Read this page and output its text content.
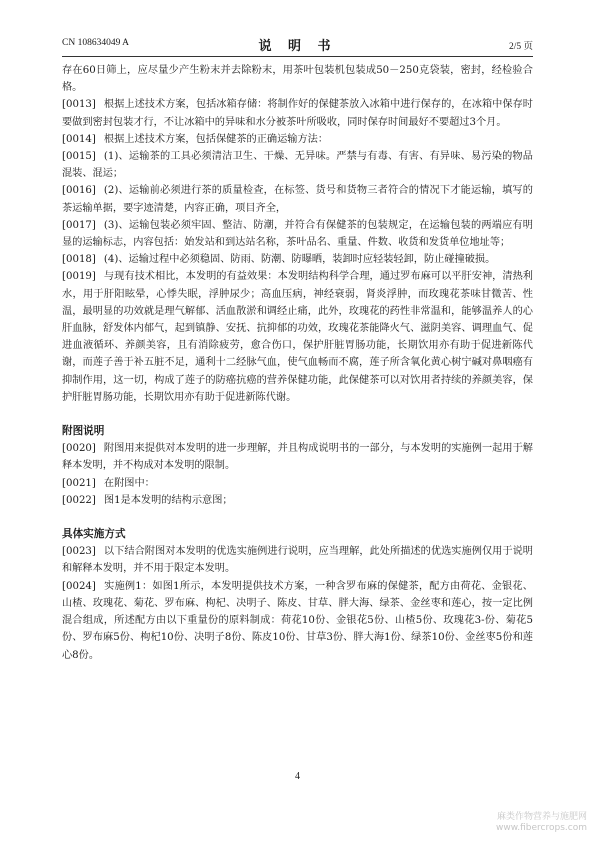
CN 108634049 A	说 明 书	2/5 页

存在60日筛上，应尽量少产生粉末并去除粉末，用茶叶包装机包装成50－250克袋装，密封，经检验合格。

[0013] 根据上述技术方案，包括冰箱存储：将制作好的保健茶放入冰箱中进行保存的，在冰箱中保存时要做到密封包装才行，不让冰箱中的异味和水分被茶叶所吸收，同时保存时间最好不要超过3个月。

[0014] 根据上述技术方案，包括保健茶的正确运输方法：

[0015] (1)、运输茶的工具必须清洁卫生、干燥、无异味。严禁与有毒、有害、有异味、易污染的物品混装、混运；

[0016] (2)、运输前必须进行茶的质量检查，在标签、货号和货物三者符合的情况下才能运输，填写的茶运输单据，要字迹清楚，内容正确，项目齐全，

[0017] (3)、运输包装必须牢固、整洁、防潮，并符合有保健茶的包装规定，在运输包装的两端应有明显的运输标志，内容包括：始发站和到达站名称，茶叶品名、重量、件数、收货和发货单位地址等；

[0018] (4)、运输过程中必须稳固、防雨、防潮、防曝晒，装卸时应轻装轻卸，防止碰撞破损。

[0019] 与现有技术相比，本发明的有益效果：本发明结构科学合理，通过罗布麻可以平肝安神，清热利水，用于肝阳眩晕，心悸失眠，浮肿尿少；高血压病，神经衰弱，肾炎浮肿，而玫瑰花茶味甘微苦、性温，最明显的功效就是理气解郁、活血散淤和调经止痛，此外，玫瑰花的药性非常温和，能够温养人的心肝血脉，舒发体内郁气，起到镇静、安抚、抗抑郁的功效，玫瑰花茶能降火气、滋阴美容、调理血气、促进血液循环、养颜美容，且有消除疲劳，愈合伤口，保护肝脏胃肠功能，长期饮用亦有助于促进新陈代谢，而莲子善于补五脏不足，通利十二经脉气血，使气血畅而不腐，莲子所含氧化黄心树宁碱对鼻咽癌有抑制作用，这一切，构成了莲子的防癌抗癌的营养保健功能，此保健茶可以对饮用者持续的养颜美容，保护肝脏胃肠功能，长期饮用亦有助于促进新陈代谢。

附图说明

[0020] 附图用来提供对本发明的进一步理解，并且构成说明书的一部分，与本发明的实施例一起用于解释本发明，并不构成对本发明的限制。

[0021] 在附图中：

[0022] 图1是本发明的结构示意图；

具体实施方式

[0023] 以下结合附图对本发明的优选实施例进行说明，应当理解，此处所描述的优选实施例仅用于说明和解释本发明，并不用于限定本发明。

[0024] 实施例1：如图1所示，本发明提供技术方案，一种含罗布麻的保健茶，配方由荷花、金银花、山楂、玫瑰花、菊花、罗布麻、枸杞、决明子、陈皮、甘草、胖大海、绿茶、金丝枣和莲心，按一定比例混合组成，所述配方由以下重量份的原料制成：荷花10份、金银花5份、山楂5份、玫瑰花3-份、菊花5份、罗布麻5份、枸杞10份、决明子8份、陈皮10份、甘草3份、胖大海1份、绿茶10份、金丝枣5份和莲心8份。

4
麻类作物营养与施肥网
www.fibercrops.com
